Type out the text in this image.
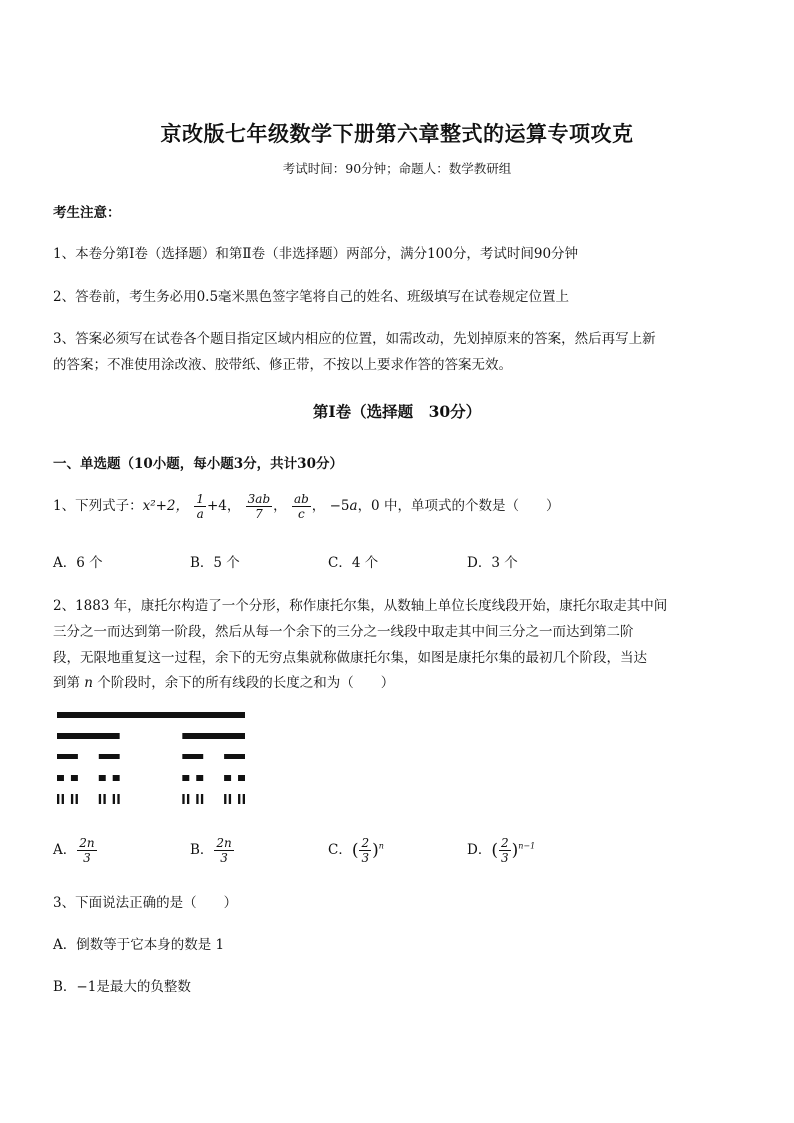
京改版七年级数学下册第六章整式的运算专项攻克
考试时间：90分钟；命题人：数学教研组
考生注意：
1、本卷分第Ⅰ卷（选择题）和第Ⅱ卷（非选择题）两部分，满分100分，考试时间90分钟
2、答卷前，考生务必用0.5毫米黑色签字笔将自己的姓名、班级填写在试卷规定位置上
3、答案必须写在试卷各个题目指定区域内相应的位置，如需改动，先划掉原来的答案，然后再写上新
的答案；不准使用涂改液、胶带纸、修正带，不按以上要求作答的答案无效。
第Ⅰ卷（选择题　30分）
一、单选题（10小题，每小题3分，共计30分）
1、下列式子：x²+2， $\frac{1}{a} +4$， $\frac{3ab}{7}$ ， $\frac{ab}{c}$ ， −5a，0 中，单项式的个数是（　　）
A．6 个	B．5 个	C．4 个	D．3 个
2、1883 年，康托尔构造了一个分形，称作康托尔集，从数轴上单位长度线段开始，康托尔取走其中间
三分之一而达到第一阶段，然后从每一个余下的三分之一线段中取走其中间三分之一而达到第二阶
段，无限地重复这一过程，余下的无穷点集就称做康托尔集，如图是康托尔集的最初几个阶段，当达
到第 n 个阶段时，余下的所有线段的长度之和为（　　）
A． $\frac{2n}{3}$	B． $\frac{2n}{3}$	C．( $\frac{2}{3} )^n$	D．( $\frac{2}{3} )^{n-1}$
3、下面说法正确的是（　　）
A．倒数等于它本身的数是 1
B．−1是最大的负整数
